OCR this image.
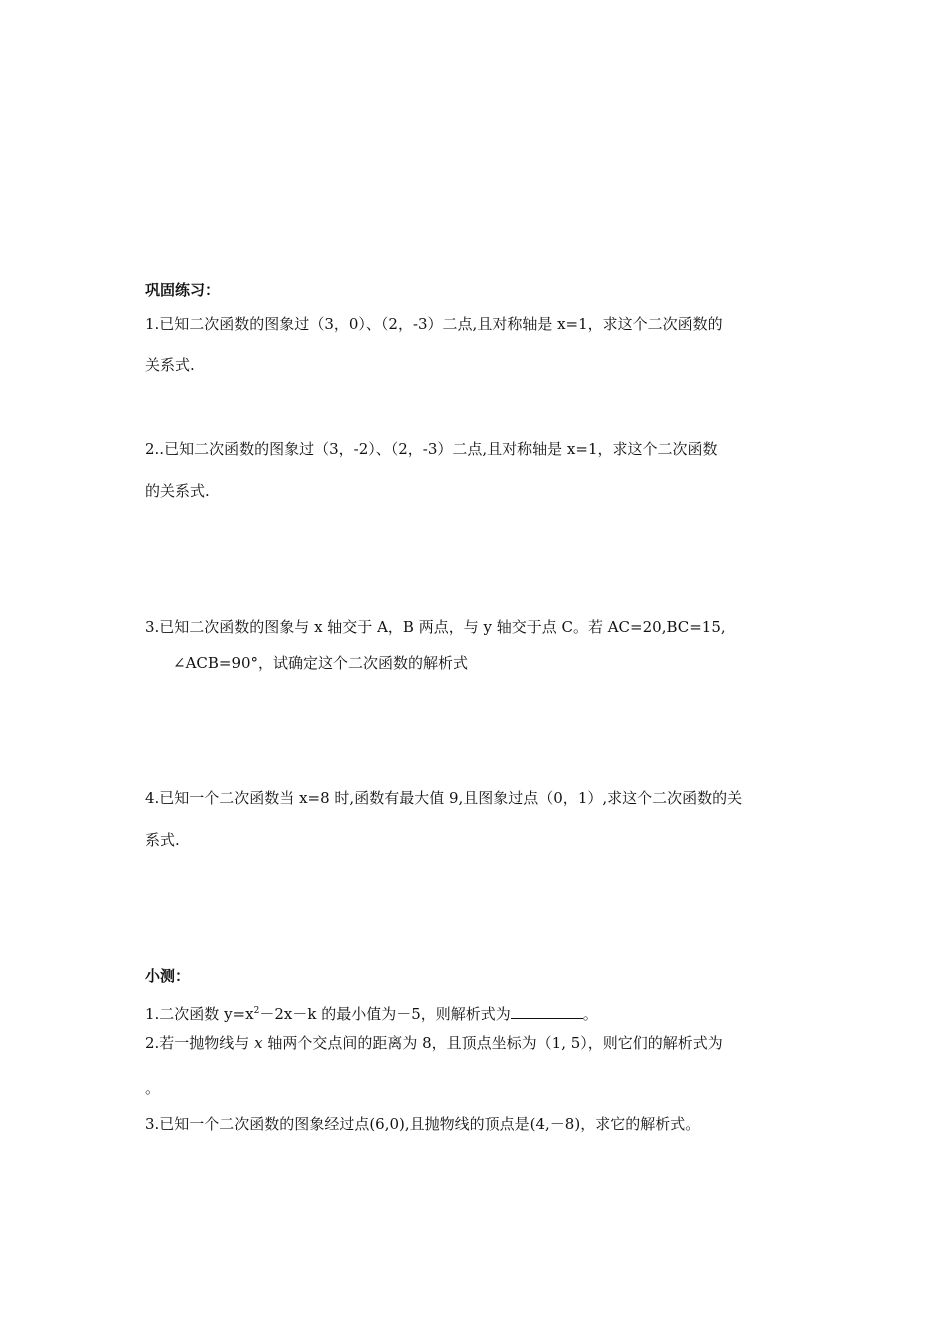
巩固练习：
1.已知二次函数的图象过（3，0）、（2，-3）二点,且对称轴是 x=1，求这个二次函数的
关系式.
2..已知二次函数的图象过（3，-2）、（2，-3）二点,且对称轴是 x=1，求这个二次函数
的关系式.
3.已知二次函数的图象与 x 轴交于 A，B 两点，与 y 轴交于点 C。若 AC=20,BC=15,
∠ACB=90°，试确定这个二次函数的解析式
4.已知一个二次函数当 x=8 时,函数有最大值 9,且图象过点（0，1）,求这个二次函数的关
系式.
小测：
1.二次函数 $y=x^2-2x-k$ 的最小值为－5，则解析式为	。
2.若一抛物线与 x 轴两个交点间的距离为 8，且顶点坐标为（1, 5），则它们的解析式为
。
3.已知一个二次函数的图象经过点(6,0),且抛物线的顶点是(4,－8)，求它的解析式。
